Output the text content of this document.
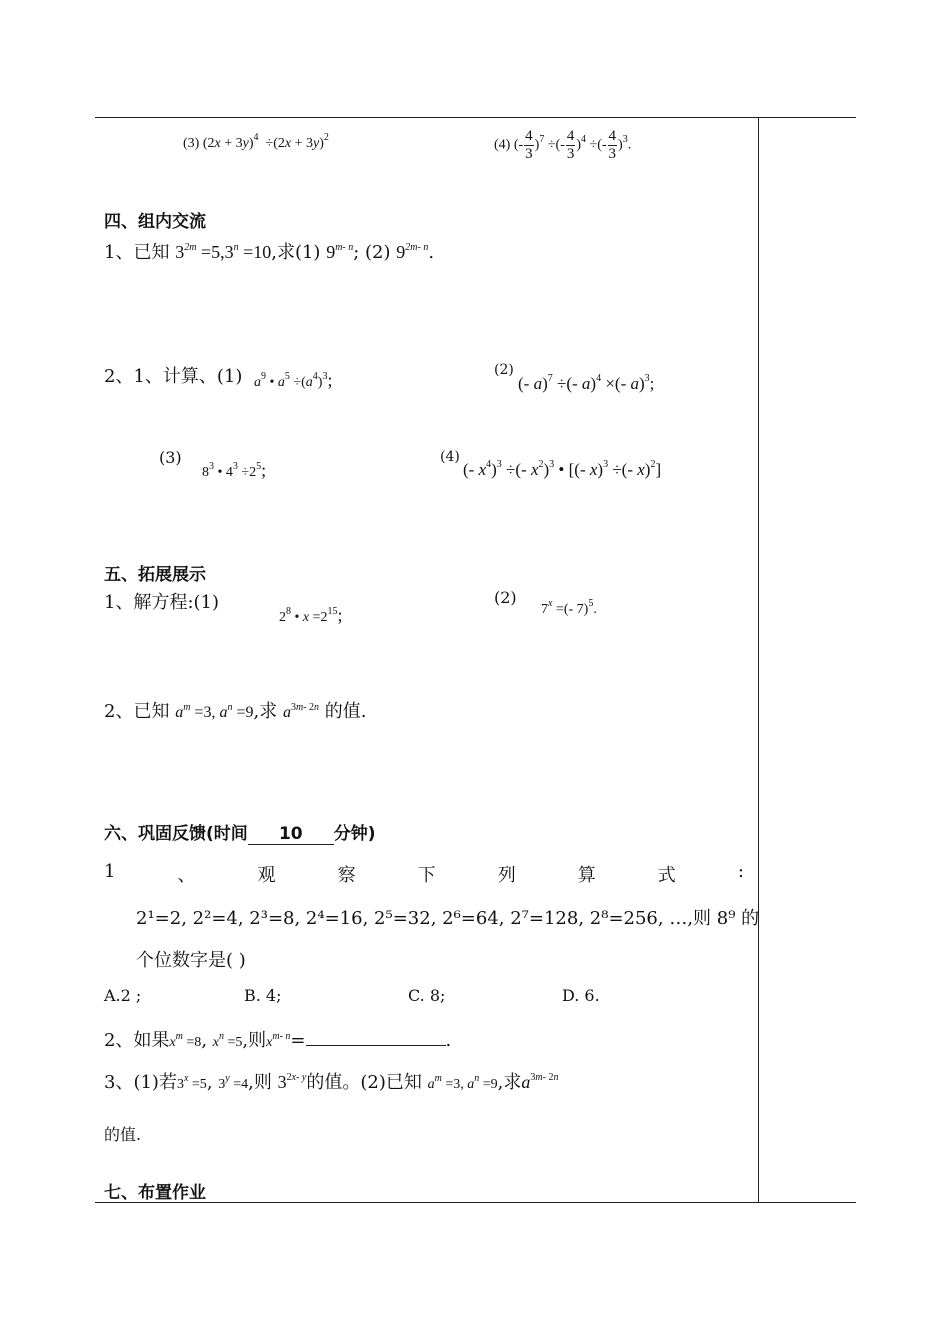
(3) $(2x + 3y)^4 \div(2x + 3y)^2$	(4) (- $\frac{4}{3} )^7$ ÷(- $\frac{4}{3} )^4$ ÷(- $\frac{4}{3} )^3$.
四、组内交流
1、已知 $3^{2m} =5,3^n =10$,求(1) 9$^{m- n}$; (2) $9^{2m- n}$.
2、1、计算、(1) $a^9$ • $a^5 \div(a^4)^3$;	(2)
(- a)$^7$ ÷(- a)$^4$ ×(- a)$^3$;
(3)
$8^3$ • $4^3 \div 2^5$;
(4)
(- $x^4)^3$ ÷(- $x^2)^3$ • [(- x)$^3$ ÷(- x)$^2$]
五、拓展展示
1、解方程:(1)
$2^8$ • $x =2^{15}$;
(2)
$7^x$ =(- 7)$^5$.
2、已知 $a^m =3$, $a^n =9$,求 $a^{3m- 2n}$ 的值.
六、巩固反馈(时间 10 分钟)
1	、	观	察	下	列	算	式	:
2¹=2, 2²=4, 2³=8, 2⁴=16, 2⁵=32, 2⁶=64, 2⁷=128, 2⁸=256, …,则 8⁹ 的
个位数字是( )
A.2 ;	B. 4;	C. 8;	D. 6.
2、如果$x^m =8$, $x^n =5$,则$x^{m- n}=$	.
3、(1)若$3^x =5$, $3^y =4$,则 $3^{2x- y}$的值。(2)已知 $a^m =3$, $a^n =9$,求$a^{3m- 2n}$
的值.
七、布置作业
